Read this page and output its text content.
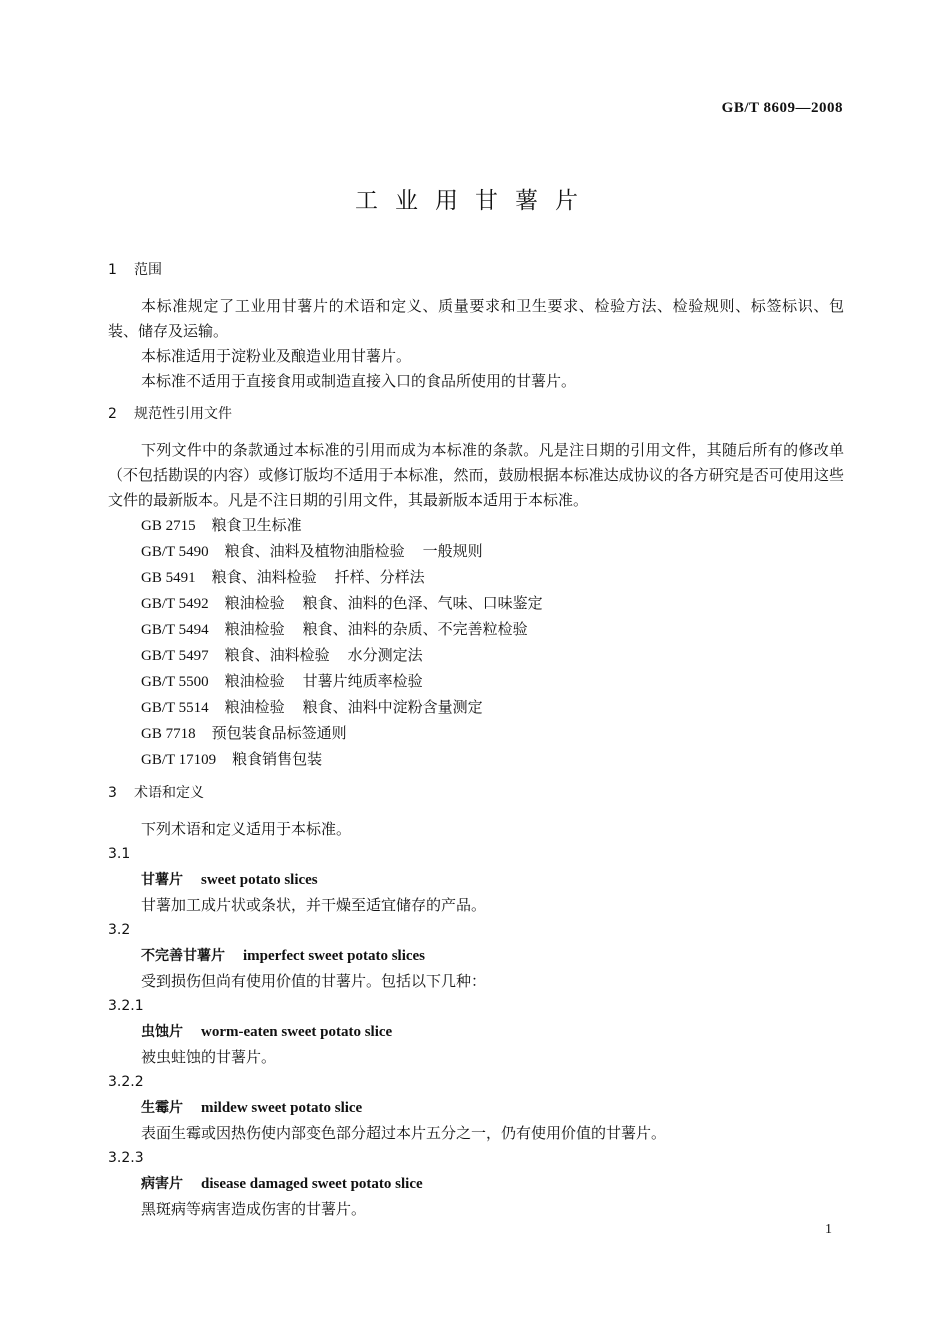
GB/T 8609—2008
工业用甘薯片
1 范围

本标准规定了工业用甘薯片的术语和定义、质量要求和卫生要求、检验方法、检验规则、标签标识、包装、储存及运输。

本标准适用于淀粉业及酿造业用甘薯片。

本标准不适用于直接食用或制造直接入口的食品所使用的甘薯片。

2 规范性引用文件

下列文件中的条款通过本标准的引用而成为本标准的条款。凡是注日期的引用文件，其随后所有的修改单（不包括勘误的内容）或修订版均不适用于本标准，然而，鼓励根据本标准达成协议的各方研究是否可使用这些文件的最新版本。凡是不注日期的引用文件，其最新版本适用于本标准。

GB 2715 粮食卫生标准
GB/T 5490 粮食、油料及植物油脂检验 一般规则
GB 5491 粮食、油料检验 扦样、分样法
GB/T 5492 粮油检验 粮食、油料的色泽、气味、口味鉴定
GB/T 5494 粮油检验 粮食、油料的杂质、不完善粒检验
GB/T 5497 粮食、油料检验 水分测定法
GB/T 5500 粮油检验 甘薯片纯质率检验
GB/T 5514 粮油检验 粮食、油料中淀粉含量测定
GB 7718 预包装食品标签通则
GB/T 17109 粮食销售包装
3 术语和定义

下列术语和定义适用于本标准。

3.1
甘薯片 sweet potato slices
甘薯加工成片状或条状，并干燥至适宜储存的产品。
3.2
不完善甘薯片 imperfect sweet potato slices
受到损伤但尚有使用价值的甘薯片。包括以下几种：
3.2.1
虫蚀片 worm-eaten sweet potato slice
被虫蛀蚀的甘薯片。
3.2.2
生霉片 mildew sweet potato slice
表面生霉或因热伤使内部变色部分超过本片五分之一，仍有使用价值的甘薯片。
3.2.3
病害片 disease damaged sweet potato slice
黑斑病等病害造成伤害的甘薯片。
1
